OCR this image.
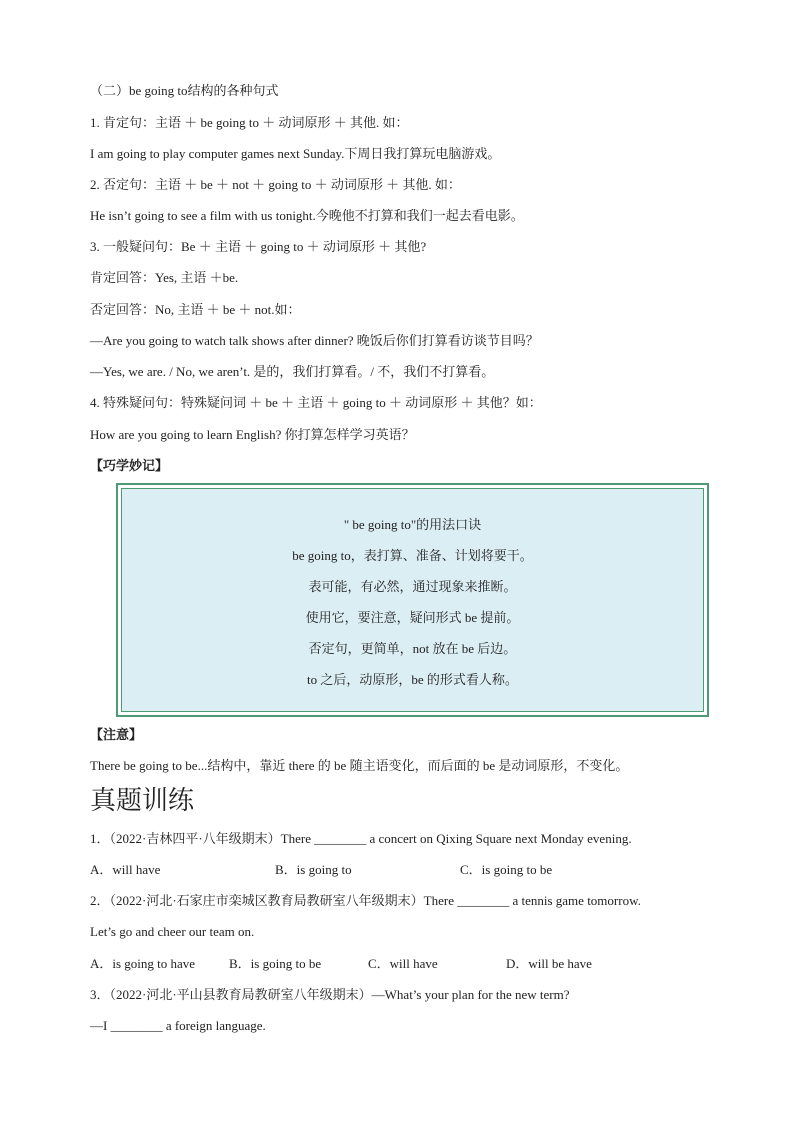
（二）be going to结构的各种句式
1. 肯定句：主语 ＋ be going to ＋ 动词原形 ＋ 其他. 如：
I am going to play computer games next Sunday.下周日我打算玩电脑游戏。
2. 否定句：主语 ＋ be ＋ not ＋ going to ＋ 动词原形 ＋ 其他. 如：
He isn’t going to see a film with us tonight.今晚他不打算和我们一起去看电影。
3. 一般疑问句：Be ＋ 主语 ＋ going to ＋ 动词原形 ＋ 其他?
肯定回答：Yes, 主语 ＋be.
否定回答：No, 主语 ＋ be ＋ not.如：
—Are you going to watch talk shows after dinner? 晚饭后你们打算看访谈节目吗？
—Yes, we are. / No, we aren’t. 是的，我们打算看。/ 不，我们不打算看。
4. 特殊疑问句：特殊疑问词 ＋ be ＋ 主语 ＋ going to ＋ 动词原形 ＋ 其他？如：
How are you going to learn English? 你打算怎样学习英语？
【巧学妙记】
" be going to"的用法口诀
be going to，表打算、准备、计划将要干。
表可能，有必然，通过现象来推断。
使用它，要注意，疑问形式 be 提前。
否定句，更简单，not 放在 be 后边。
to 之后，动原形，be 的形式看人称。
【注意】
There be going to be...结构中，靠近 there 的 be 随主语变化，而后面的 be 是动词原形，不变化。
真题训练
1．（2022·吉林四平·八年级期末）There ________ a concert on Qixing Square next Monday evening.
A．will have	B．is going to	C．is going to be
2．（2022·河北·石家庄市栾城区教育局教研室八年级期末）There ________ a tennis game tomorrow.
Let’s go and cheer our team on.
A．is going to have	B．is going to be	C．will have	D．will be have
3．（2022·河北·平山县教育局教研室八年级期末）—What’s your plan for the new term?
—I ________ a foreign language.
